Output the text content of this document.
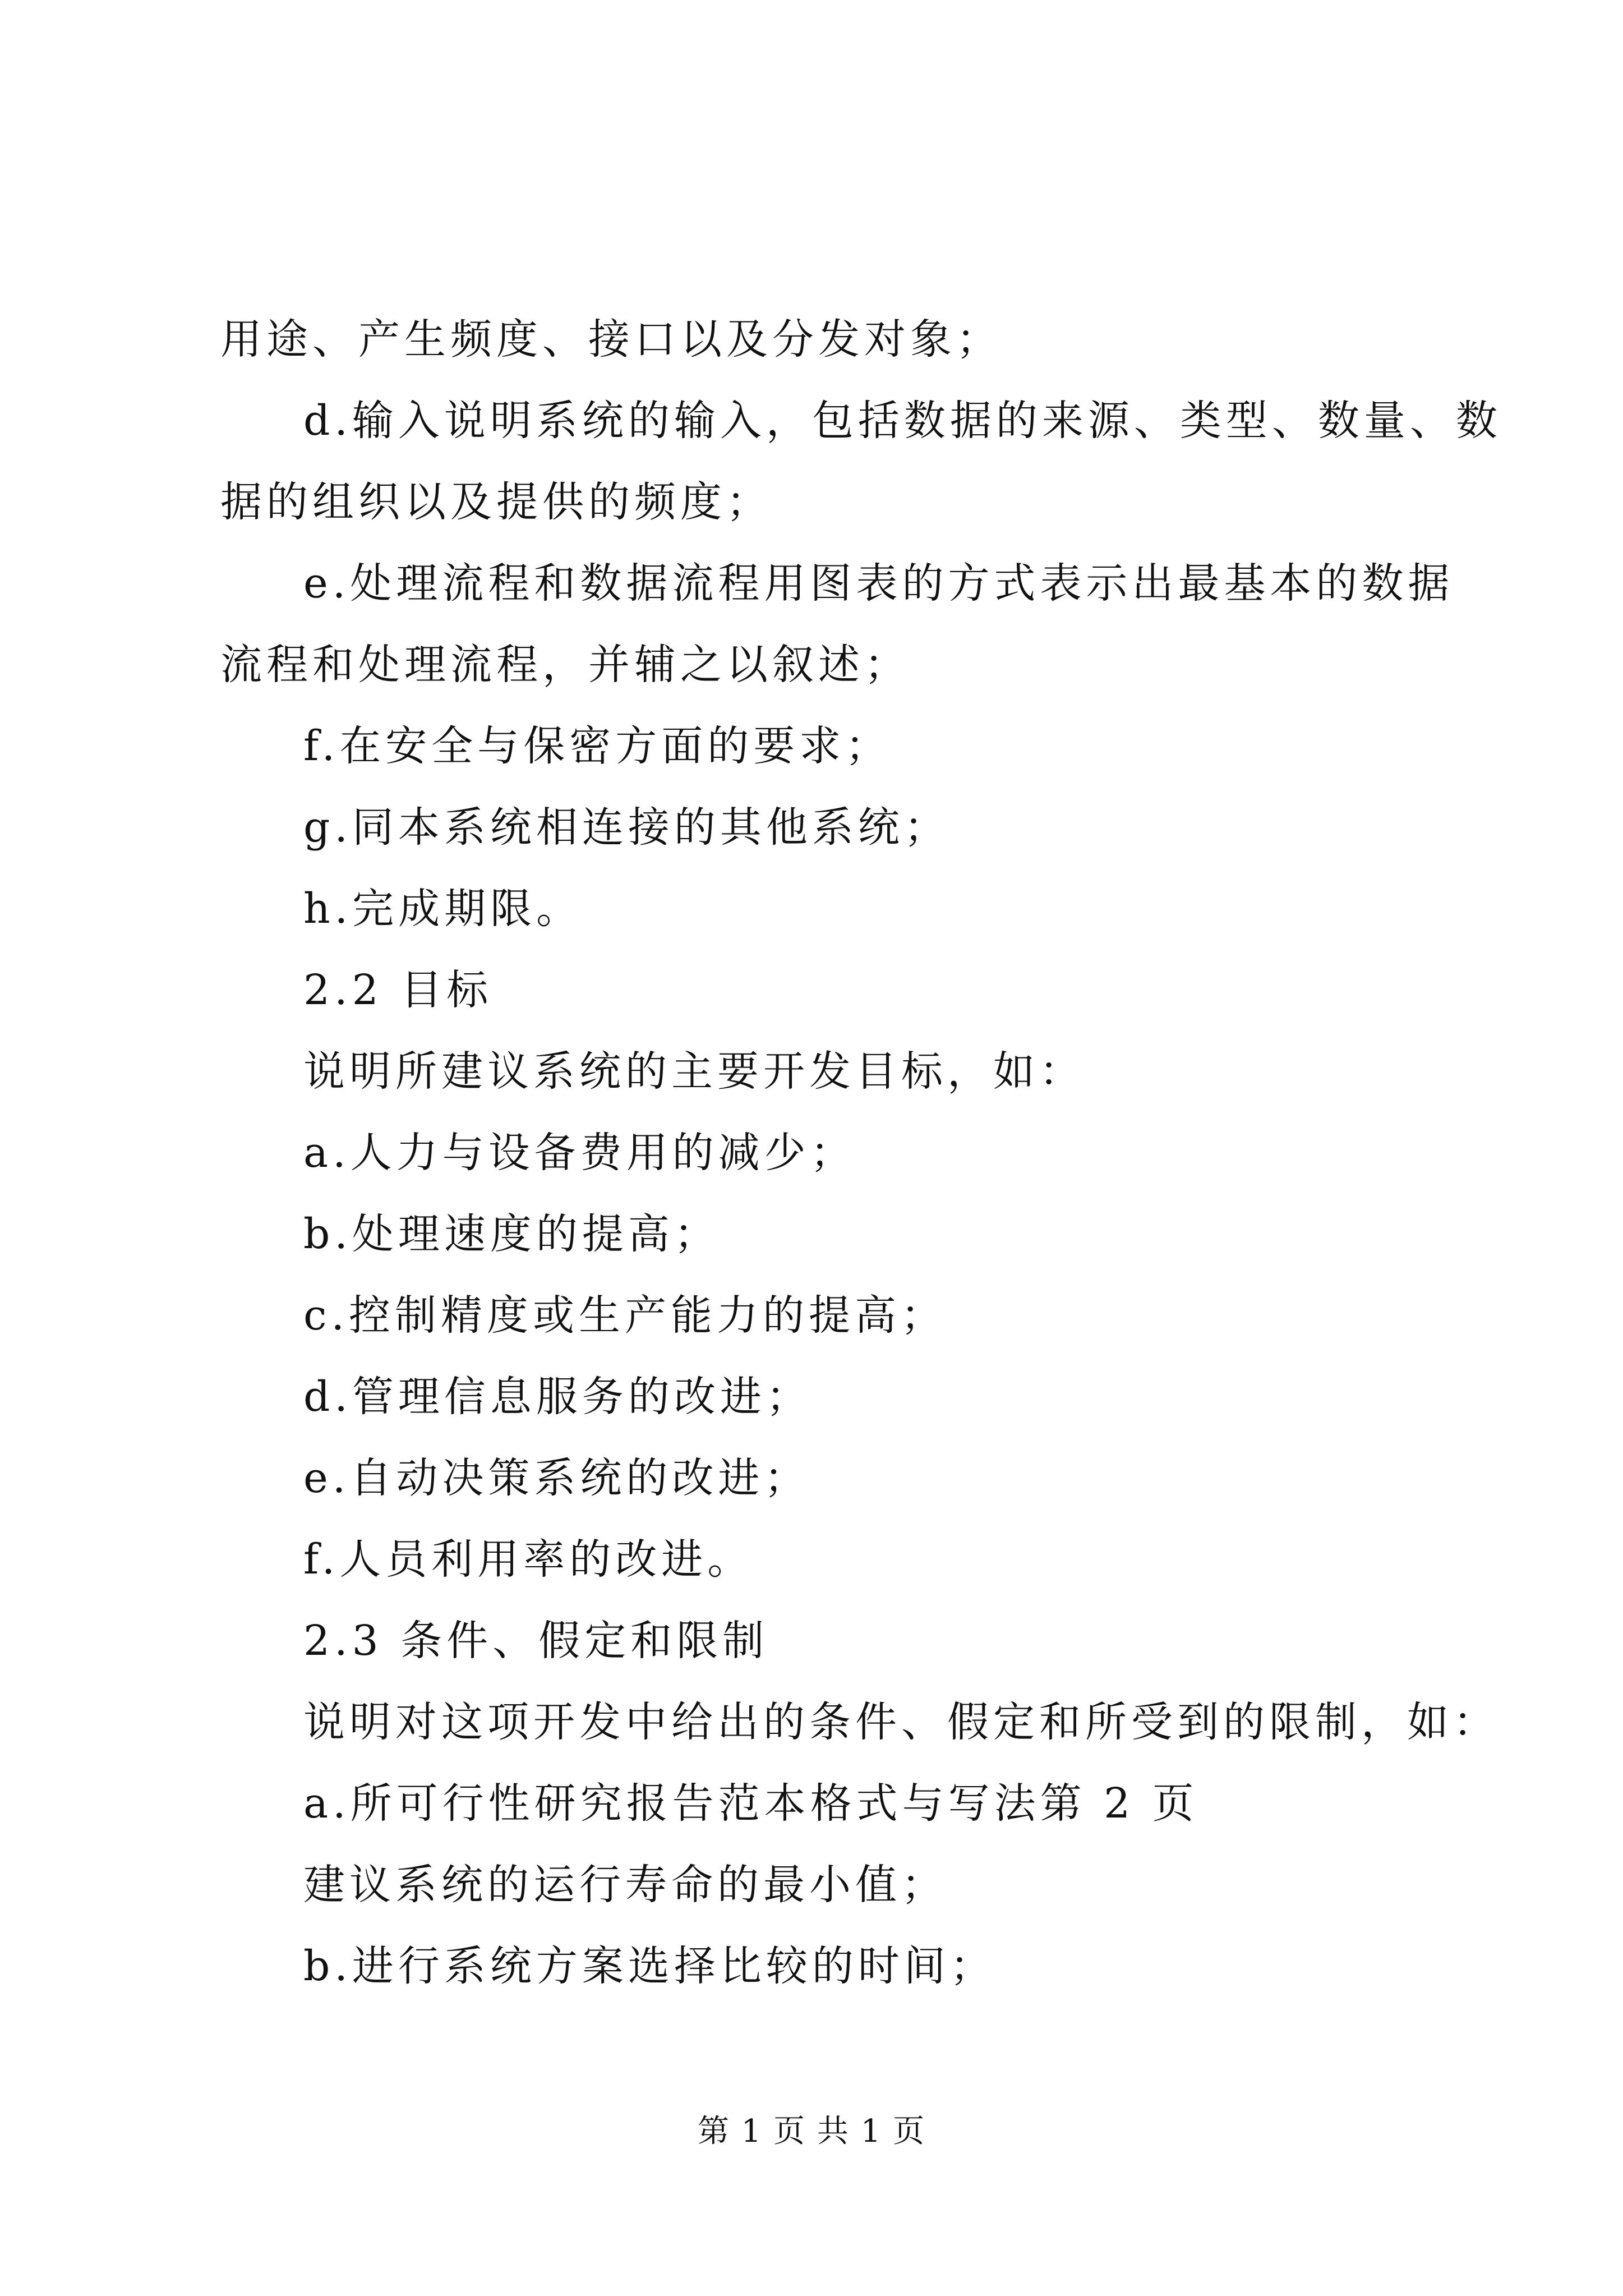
用途、产生频度、接口以及分发对象；
d.输入说明系统的输入，包括数据的来源、类型、数量、数
据的组织以及提供的频度；
e.处理流程和数据流程用图表的方式表示出最基本的数据
流程和处理流程，并辅之以叙述；
f.在安全与保密方面的要求；
g.同本系统相连接的其他系统；
h.完成期限。
2.2 目标
说明所建议系统的主要开发目标，如：
a.人力与设备费用的减少；
b.处理速度的提高；
c.控制精度或生产能力的提高；
d.管理信息服务的改进；
e.自动决策系统的改进；
f.人员利用率的改进。
2.3 条件、假定和限制
说明对这项开发中给出的条件、假定和所受到的限制，如：
a.所可行性研究报告范本格式与写法第 2 页
建议系统的运行寿命的最小值；
b.进行系统方案选择比较的时间；
第 1 页 共 1 页
